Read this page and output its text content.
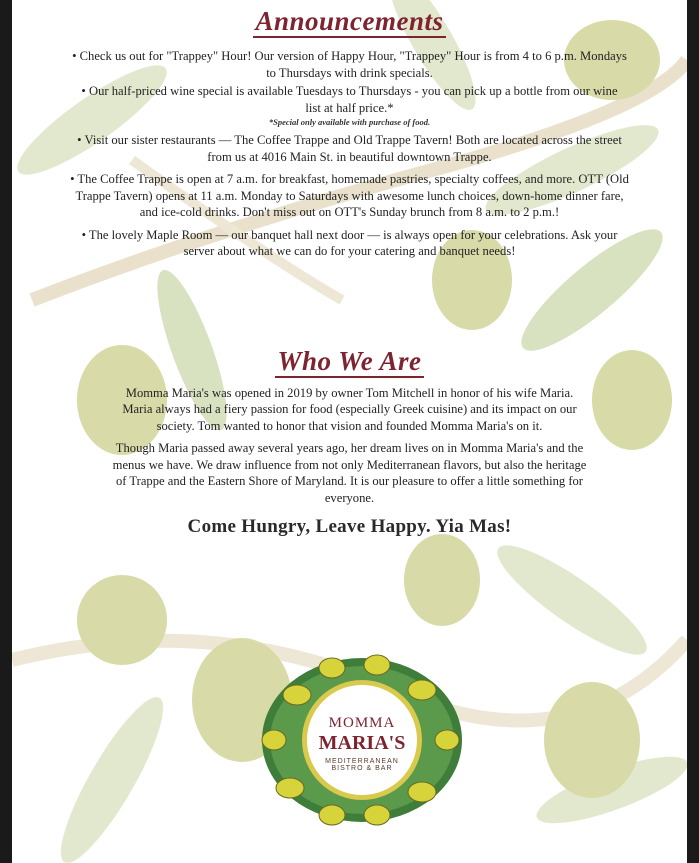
Announcements

• Check us out for "Trappey" Hour! Our version of Happy Hour, "Trappey" Hour is from 4 to 6 p.m. Mondays to Thursdays with drink specials.

• Our half-priced wine special is available Tuesdays to Thursdays - you can pick up a bottle from our wine list at half price.*

*Special only available with purchase of food.

• Visit our sister restaurants — The Coffee Trappe and Old Trappe Tavern! Both are located across the street from us at 4016 Main St. in beautiful downtown Trappe.

• The Coffee Trappe is open at 7 a.m. for breakfast, homemade pastries, specialty coffees, and more. OTT (Old Trappe Tavern) opens at 11 a.m. Monday to Saturdays with awesome lunch choices, down-home dinner fare, and ice-cold drinks. Don't miss out on OTT's Sunday brunch from 8 a.m. to 2 p.m.!

• The lovely Maple Room — our banquet hall next door — is always open for your celebrations. Ask your server about what we can do for your catering and banquet needs!

Who We Are

Momma Maria's was opened in 2019 by owner Tom Mitchell in honor of his wife Maria. Maria always had a fiery passion for food (especially Greek cuisine) and its impact on our society. Tom wanted to honor that vision and founded Momma Maria's on it.

Though Maria passed away several years ago, her dream lives on in Momma Maria's and the menus we have. We draw influence from not only Mediterranean flavors, but also the heritage of Trappe and the Eastern Shore of Maryland. It is our pleasure to offer a little something for everyone.

Come Hungry, Leave Happy. Yia Mas!

MOMMA
MARIA'S
MEDITERRANEAN
BISTRO & BAR
